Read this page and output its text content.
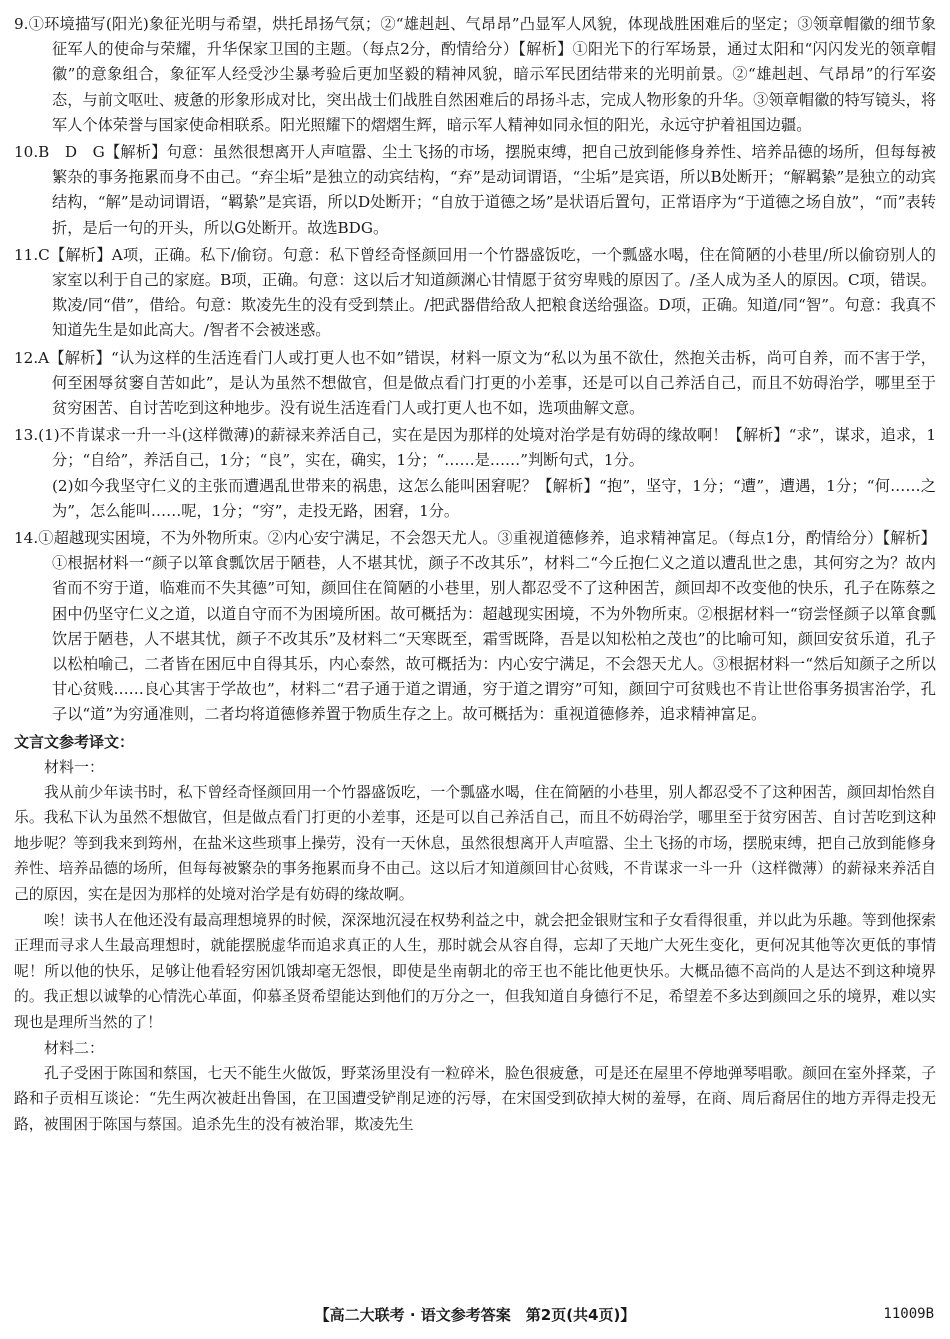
9.①环境描写(阳光)象征光明与希望，烘托昂扬气氛；②“雄赳赳、气昂昂”凸显军人风貌，体现战胜困难后的坚定；③领章帽徽的细节象征军人的使命与荣耀，升华保家卫国的主题。（每点2分，酌情给分）【解析】①阳光下的行军场景，通过太阳和“闪闪发光的领章帽徽”的意象组合，象征军人经受沙尘暴考验后更加坚毅的精神风貌，暗示军民团结带来的光明前景。②“雄赳赳、气昂昂”的行军姿态，与前文呕吐、疲惫的形象形成对比，突出战士们战胜自然困难后的昂扬斗志，完成人物形象的升华。③领章帽徽的特写镜头，将军人个体荣誉与国家使命相联系。阳光照耀下的熠熠生辉，暗示军人精神如同永恒的阳光，永远守护着祖国边疆。
10.B　D　G【解析】句意：虽然很想离开人声喧嚣、尘土飞扬的市场，摆脱束缚，把自己放到能修身养性、培养品德的场所，但每每被繁杂的事务拖累而身不由己。“弃尘垢”是独立的动宾结构，“弃”是动词谓语，“尘垢”是宾语，所以B处断开；“解羁絷”是独立的动宾结构，“解”是动词谓语，“羁絷”是宾语，所以D处断开；“自放于道德之场”是状语后置句，正常语序为“于道德之场自放”，“而”表转折，是后一句的开头，所以G处断开。故选BDG。
11.C【解析】A项，正确。私下/偷窃。句意：私下曾经奇怪颜回用一个竹器盛饭吃，一个瓢盛水喝，住在简陋的小巷里/所以偷窃别人的家室以利于自己的家庭。B项，正确。句意：这以后才知道颜渊心甘情愿于贫穷卑贱的原因了。/圣人成为圣人的原因。C项，错误。欺凌/同“借”，借给。句意：欺凌先生的没有受到禁止。/把武器借给敌人把粮食送给强盗。D项，正确。知道/同“智”。句意：我真不知道先生是如此高大。/智者不会被迷惑。
12.A【解析】“认为这样的生活连看门人或打更人也不如”错误，材料一原文为“私以为虽不欲仕，然抱关击柝，尚可自养，而不害于学，何至困辱贫窭自苦如此”，是认为虽然不想做官，但是做点看门打更的小差事，还是可以自己养活自己，而且不妨碍治学，哪里至于贫穷困苦、自讨苦吃到这种地步。没有说生活连看门人或打更人也不如，选项曲解文意。
13.(1)不肯谋求一升一斗(这样微薄)的薪禄来养活自己，实在是因为那样的处境对治学是有妨碍的缘故啊！【解析】“求”，谋求，追求，1分；“自给”，养活自己，1分；“良”，实在，确实，1分；“……是……”判断句式，1分。

(2)如今我坚守仁义的主张而遭遇乱世带来的祸患，这怎么能叫困窘呢？【解析】“抱”，坚守，1分；“遭”，遭遇，1分；“何……之为”，怎么能叫……呢，1分；“穷”，走投无路，困窘，1分。

14.①超越现实困境，不为外物所束。②内心安宁满足，不会怨天尤人。③重视道德修养，追求精神富足。（每点1分，酌情给分）【解析】①根据材料一“颜子以箪食瓢饮居于陋巷，人不堪其忧，颜子不改其乐”，材料二“今丘抱仁义之道以遭乱世之患，其何穷之为？故内省而不穷于道，临难而不失其德”可知，颜回住在简陋的小巷里，别人都忍受不了这种困苦，颜回却不改变他的快乐，孔子在陈蔡之困中仍坚守仁义之道，以道自守而不为困境所困。故可概括为：超越现实困境，不为外物所束。②根据材料一“窃尝怪颜子以箪食瓢饮居于陋巷，人不堪其忧，颜子不改其乐”及材料二“天寒既至，霜雪既降，吾是以知松柏之茂也”的比喻可知，颜回安贫乐道，孔子以松柏喻己，二者皆在困厄中自得其乐，内心泰然，故可概括为：内心安宁满足，不会怨天尤人。③根据材料一“然后知颜子之所以甘心贫贱……良心其害于学故也”，材料二“君子通于道之谓通，穷于道之谓穷”可知，颜回宁可贫贱也不肯让世俗事务损害治学，孔子以“道”为穷通准则，二者均将道德修养置于物质生存之上。故可概括为：重视道德修养，追求精神富足。
文言文参考译文：
材料一：

我从前少年读书时，私下曾经奇怪颜回用一个竹器盛饭吃，一个瓢盛水喝，住在简陋的小巷里，别人都忍受不了这种困苦，颜回却怡然自乐。我私下认为虽然不想做官，但是做点看门打更的小差事，还是可以自己养活自己，而且不妨碍治学，哪里至于贫穷困苦、自讨苦吃到这种地步呢？等到我来到筠州，在盐米这些琐事上操劳，没有一天休息，虽然很想离开人声喧嚣、尘土飞扬的市场，摆脱束缚，把自己放到能修身养性、培养品德的场所，但每每被繁杂的事务拖累而身不由己。这以后才知道颜回甘心贫贱，不肯谋求一斗一升（这样微薄）的薪禄来养活自己的原因，实在是因为那样的处境对治学是有妨碍的缘故啊。

唉！读书人在他还没有最高理想境界的时候，深深地沉浸在权势利益之中，就会把金银财宝和子女看得很重，并以此为乐趣。等到他探索正理而寻求人生最高理想时，就能摆脱虚华而追求真正的人生，那时就会从容自得，忘却了天地广大死生变化，更何况其他等次更低的事情呢！所以他的快乐，足够让他看轻穷困饥饿却毫无怨恨，即使是坐南朝北的帝王也不能比他更快乐。大概品德不高尚的人是达不到这种境界的。我正想以诚挚的心情洗心革面，仰慕圣贤希望能达到他们的万分之一，但我知道自身德行不足，希望差不多达到颜回之乐的境界，难以实现也是理所当然的了！

材料二：

孔子受困于陈国和蔡国，七天不能生火做饭，野菜汤里没有一粒碎米，脸色很疲惫，可是还在屋里不停地弹琴唱歌。颜回在室外择菜，子路和子贡相互谈论：“先生两次被赶出鲁国，在卫国遭受铲削足迹的污辱，在宋国受到砍掉大树的羞辱，在商、周后裔居住的地方弄得走投无路，被围困于陈国与蔡国。追杀先生的没有被治罪，欺凌先生

【高二大联考 · 语文参考答案　第2页(共4页)】	11009B
